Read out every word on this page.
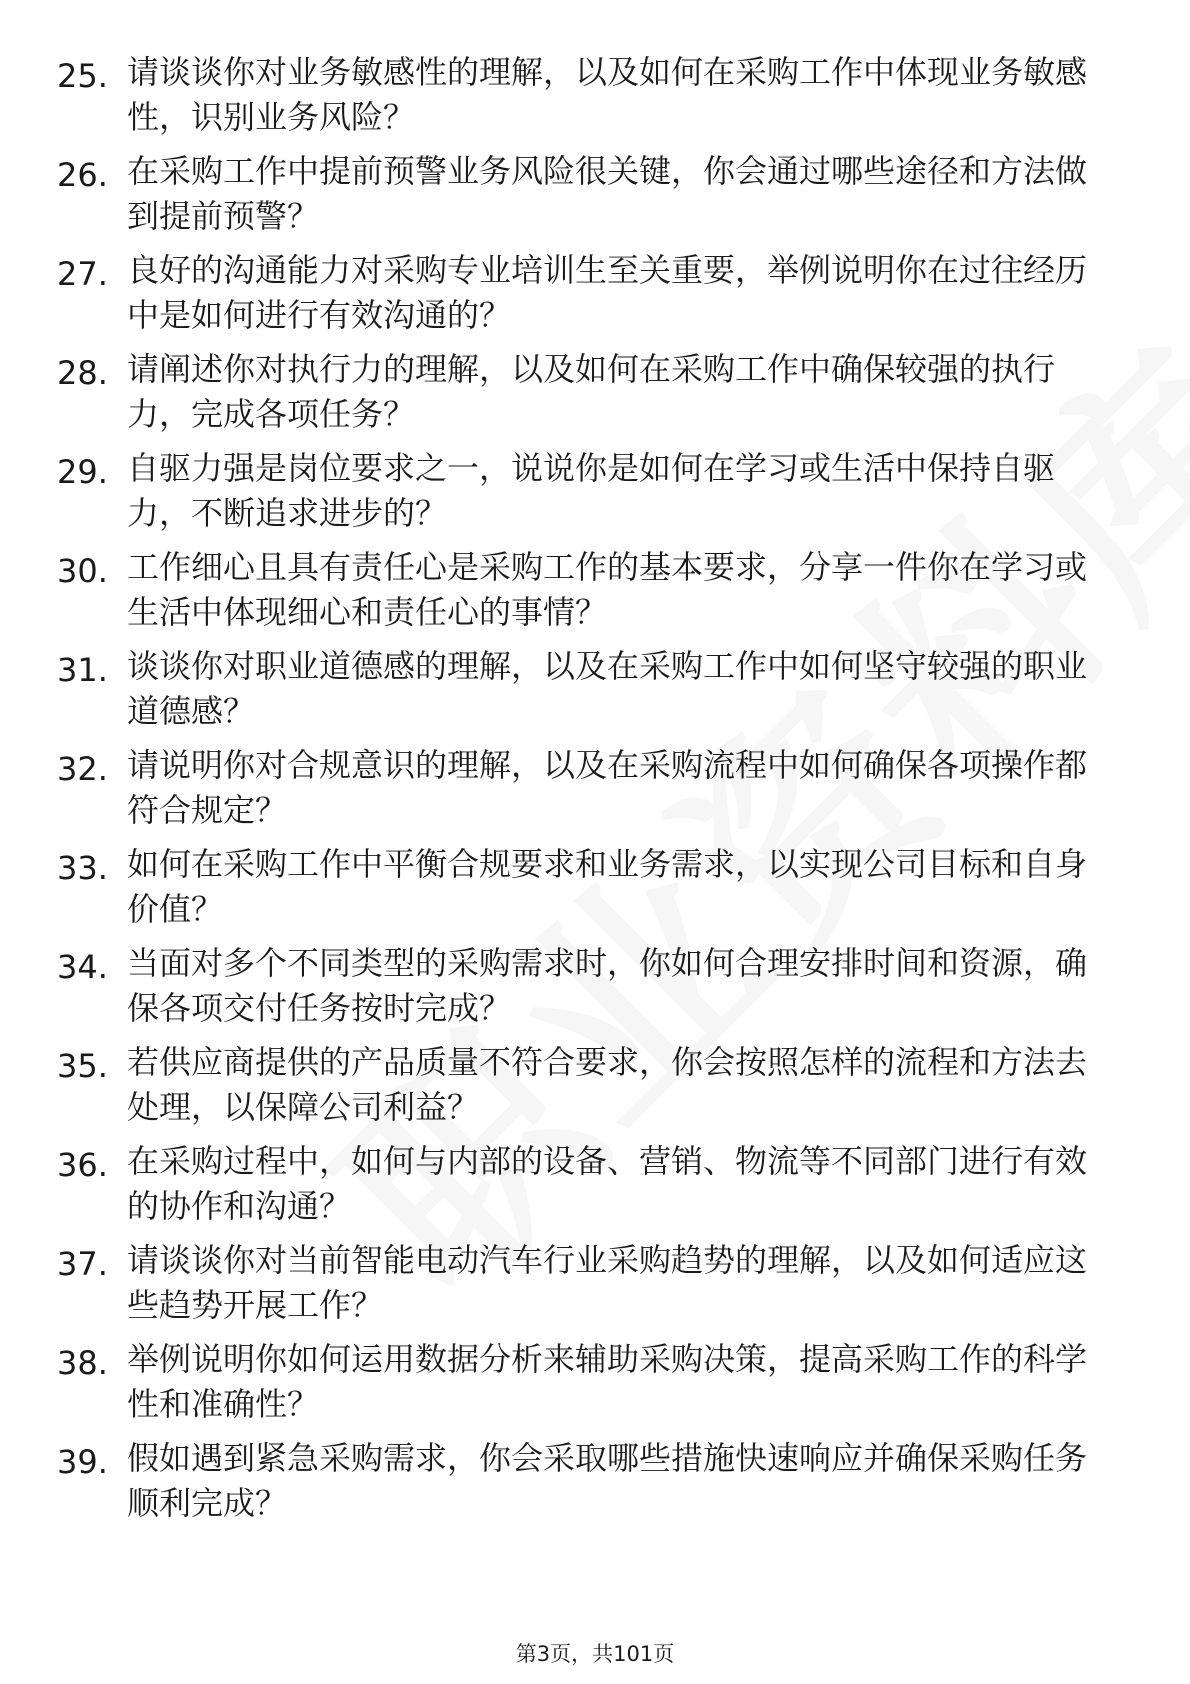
25. 请谈谈你对业务敏感性的理解，以及如何在采购工作中体现业务敏感性，识别业务风险？
26. 在采购工作中提前预警业务风险很关键，你会通过哪些途径和方法做到提前预警？
27. 良好的沟通能力对采购专业培训生至关重要，举例说明你在过往经历中是如何进行有效沟通的？
28. 请阐述你对执行力的理解，以及如何在采购工作中确保较强的执行力，完成各项任务？
29. 自驱力强是岗位要求之一，说说你是如何在学习或生活中保持自驱力，不断追求进步的？
30. 工作细心且具有责任心是采购工作的基本要求，分享一件你在学习或生活中体现细心和责任心的事情？
31. 谈谈你对职业道德感的理解，以及在采购工作中如何坚守较强的职业道德感？
32. 请说明你对合规意识的理解，以及在采购流程中如何确保各项操作都符合规定？
33. 如何在采购工作中平衡合规要求和业务需求，以实现公司目标和自身价值？
34. 当面对多个不同类型的采购需求时，你如何合理安排时间和资源，确保各项交付任务按时完成？
35. 若供应商提供的产品质量不符合要求，你会按照怎样的流程和方法去处理，以保障公司利益？
36. 在采购过程中，如何与内部的设备、营销、物流等不同部门进行有效的协作和沟通？
37. 请谈谈你对当前智能电动汽车行业采购趋势的理解，以及如何适应这些趋势开展工作？
38. 举例说明你如何运用数据分析来辅助采购决策，提高采购工作的科学性和准确性？
39. 假如遇到紧急采购需求，你会采取哪些措施快速响应并确保采购任务顺利完成？
第3页，共101页
